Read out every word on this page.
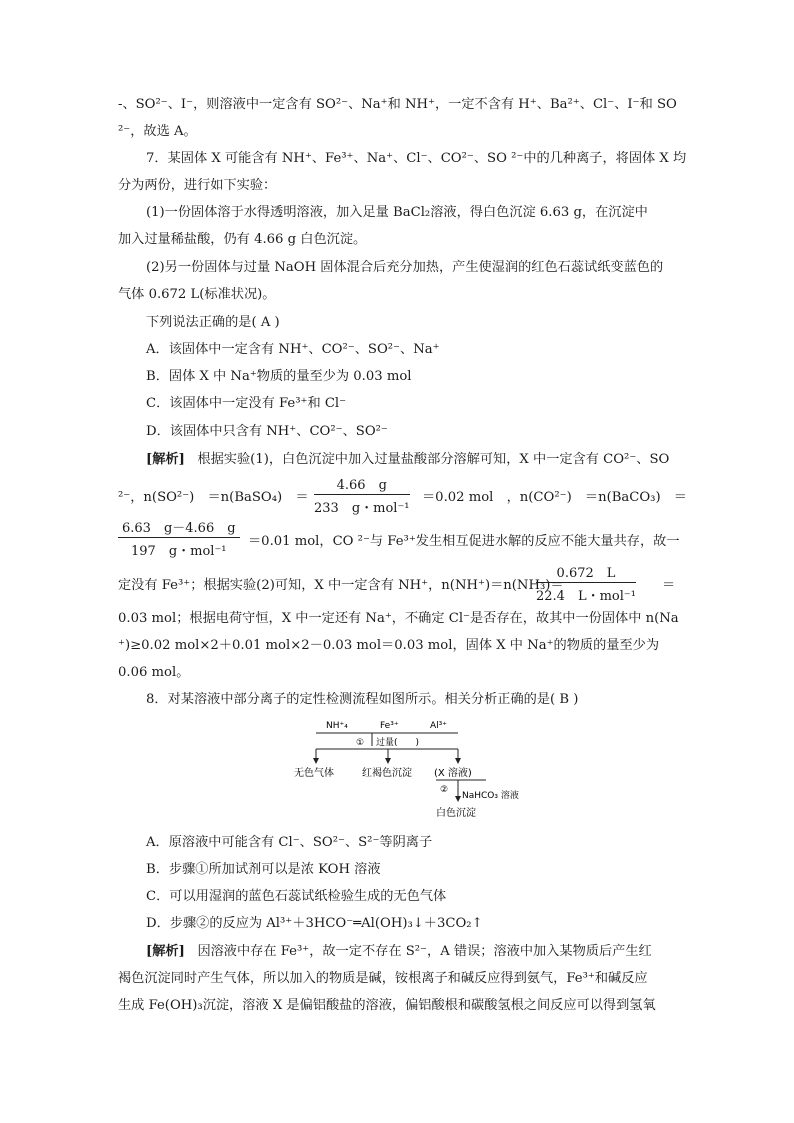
-、SO²⁻、I⁻，则溶液中一定含有 SO²⁻、Na⁺和 NH⁺，一定不含有 H⁺、Ba²⁺、Cl⁻、I⁻和 SO
²⁻，故选 A。
7．某固体 X 可能含有 NH⁺、Fe³⁺、Na⁺、Cl⁻、CO²⁻、SO ²⁻中的几种离子，将固体 X 均
分为两份，进行如下实验：
(1)一份固体溶于水得透明溶液，加入足量 BaCl₂溶液，得白色沉淀 6.63 g，在沉淀中
加入过量稀盐酸，仍有 4.66 g 白色沉淀。
(2)另一份固体与过量 NaOH 固体混合后充分加热，产生使湿润的红色石蕊试纸变蓝色的
气体 0.672 L(标准状况)。
下列说法正确的是( A )
A．该固体中一定含有 NH⁺、CO²⁻、SO²⁻、Na⁺
B．固体 X 中 Na⁺物质的量至少为 0.03 mol
C．该固体中一定没有 Fe³⁺和 Cl⁻
D．该固体中只含有 NH⁺、CO²⁻、SO²⁻
[解析] 根据实验(1)，白色沉淀中加入过量盐酸部分溶解可知，X 中一定含有 CO²⁻、SO
²⁻，n(SO²⁻)　＝n(BaSO₄)　＝
4.66　g
233　g・mol⁻¹
＝0.02 mol　，n(CO²⁻)　＝n(BaCO₃)　＝
6.63　g－4.66　g
197　g・mol⁻¹
＝0.01 mol，CO ²⁻与 Fe³⁺发生相互促进水解的反应不能大量共存，故一
定没有 Fe³⁺；根据实验(2)可知，X 中一定含有 NH⁺，n(NH⁺)＝n(NH₃)＝
0.672　L
22.4　L・mol⁻¹
＝
0.03 mol；根据电荷守恒，X 中一定还有 Na⁺，不确定 Cl⁻是否存在，故其中一份固体中 n(Na
⁺)≥0.02 mol×2＋0.01 mol×2－0.03 mol＝0.03 mol，固体 X 中 Na⁺的物质的量至少为
0.06 mol。
8．对某溶液中部分离子的定性检测流程如图所示。相关分析正确的是( B )
NH⁺₄	Fe³⁺	Al³⁺
① 过量(　　)
无色气体	红褐色沉淀 (X 溶液)
②
NaHCO₃ 溶液
白色沉淀
A．原溶液中可能含有 Cl⁻、SO²⁻、S²⁻等阴离子
B．步骤①所加试剂可以是浓 KOH 溶液
C．可以用湿润的蓝色石蕊试纸检验生成的无色气体
D．步骤②的反应为 Al³⁺＋3HCO⁻═Al(OH)₃↓＋3CO₂↑
[解析] 因溶液中存在 Fe³⁺，故一定不存在 S²⁻，A 错误；溶液中加入某物质后产生红
褐色沉淀同时产生气体，所以加入的物质是碱，铵根离子和碱反应得到氨气，Fe³⁺和碱反应
生成 Fe(OH)₃沉淀，溶液 X 是偏铝酸盐的溶液，偏铝酸根和碳酸氢根之间反应可以得到氢氧
